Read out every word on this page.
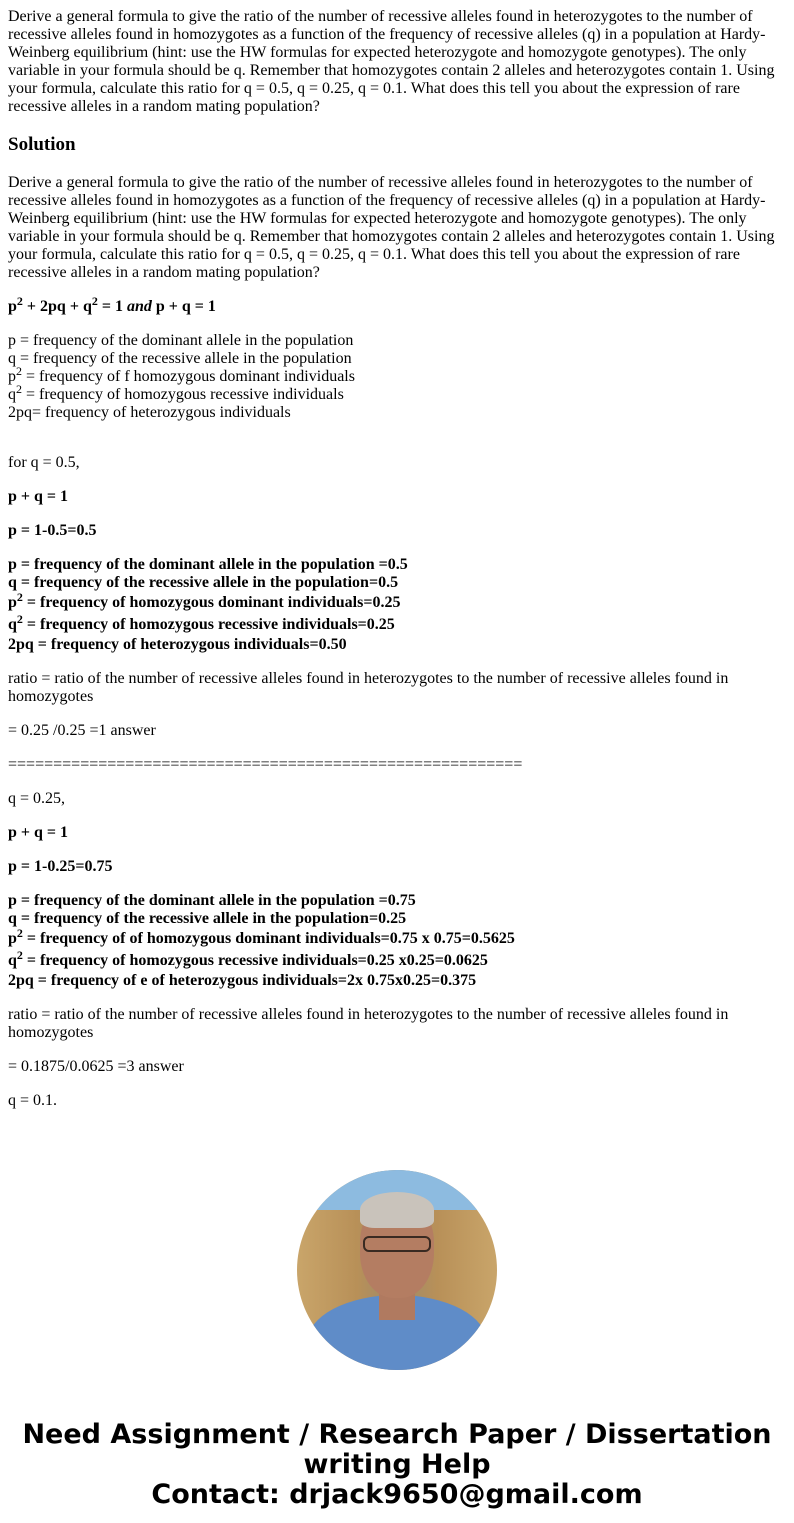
Derive a general formula to give the ratio of the number of recessive alleles found in heterozygotes to the number of recessive alleles found in homozygotes as a function of the frequency of recessive alleles (q) in a population at Hardy-Weinberg equilibrium (hint: use the HW formulas for expected heterozygote and homozygote genotypes). The only variable in your formula should be q. Remember that homozygotes contain 2 alleles and heterozygotes contain 1. Using your formula, calculate this ratio for q = 0.5, q = 0.25, q = 0.1. What does this tell you about the expression of rare recessive alleles in a random mating population?

Solution

Derive a general formula to give the ratio of the number of recessive alleles found in heterozygotes to the number of recessive alleles found in homozygotes as a function of the frequency of recessive alleles (q) in a population at Hardy-Weinberg equilibrium (hint: use the HW formulas for expected heterozygote and homozygote genotypes). The only variable in your formula should be q. Remember that homozygotes contain 2 alleles and heterozygotes contain 1. Using your formula, calculate this ratio for q = 0.5, q = 0.25, q = 0.1. What does this tell you about the expression of rare recessive alleles in a random mating population?

$p^2 + 2pq + q^2 = 1$ and p + q = 1

p = frequency of the dominant allele in the population
q = frequency of the recessive allele in the population
$p^2$ = frequency of f homozygous dominant individuals
$q^2$ = frequency of homozygous recessive individuals
2pq= frequency of heterozygous individuals

for q = 0.5,

p + q = 1

p = 1-0.5=0.5

p = frequency of the dominant allele in the population =0.5
q = frequency of the recessive allele in the population=0.5
$p^2$ = frequency of homozygous dominant individuals=0.25
$q^2$ = frequency of homozygous recessive individuals=0.25
2pq = frequency of heterozygous individuals=0.50

ratio = ratio of the number of recessive alleles found in heterozygotes to the number of recessive alleles found in homozygotes

= 0.25 /0.25 =1 answer

=========================================================

q = 0.25,

p + q = 1

p = 1-0.25=0.75

p = frequency of the dominant allele in the population =0.75
q = frequency of the recessive allele in the population=0.25
$p^2$ = frequency of of homozygous dominant individuals=0.75 x 0.75=0.5625
$q^2$ = frequency of homozygous recessive individuals=0.25 x0.25=0.0625
2pq = frequency of e of heterozygous individuals=2x 0.75x0.25=0.375

ratio = ratio of the number of recessive alleles found in heterozygotes to the number of recessive alleles found in homozygotes

= 0.1875/0.0625 =3 answer

q = 0.1.

Need Assignment / Research Paper / Dissertation writing Help
Contact: drjack9650@gmail.com
